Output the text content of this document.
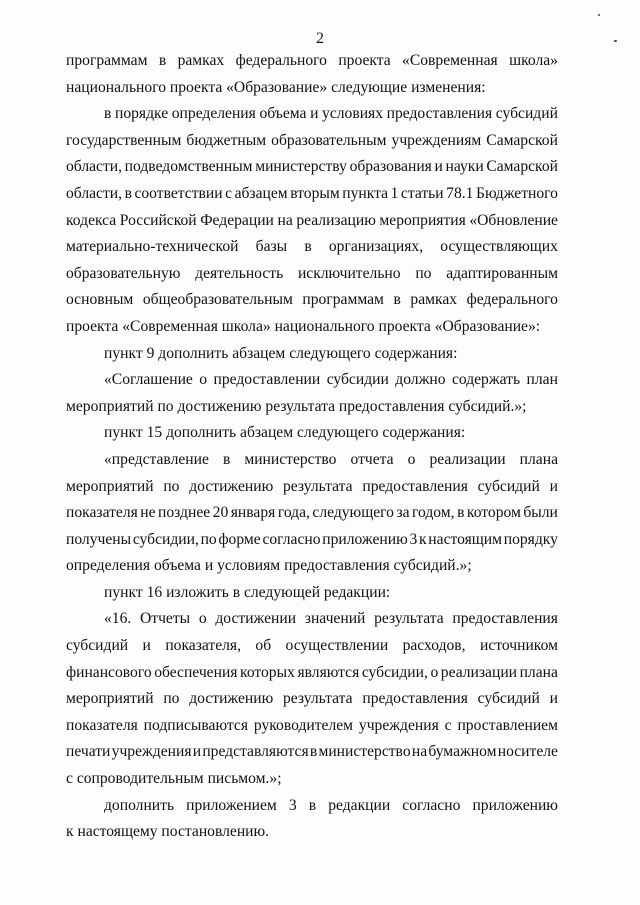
2
программам в рамках федерального проекта «Современная школа»
национального проекта «Образование» следующие изменения:
в порядке определения объема и условиях предоставления субсидий
государственным бюджетным образовательным учреждениям Самарской
области, подведомственным министерству образования и науки Самарской
области, в соответствии с абзацем вторым пункта 1 статьи 78.1 Бюджетного
кодекса Российской Федерации на реализацию мероприятия «Обновление
материально-технической базы в организациях, осуществляющих
образовательную деятельность исключительно по адаптированным
основным общеобразовательным программам в рамках федерального
проекта «Современная школа» национального проекта «Образование»:
пункт 9 дополнить абзацем следующего содержания:
«Соглашение о предоставлении субсидии должно содержать план
мероприятий по достижению результата предоставления субсидий.»;
пункт 15 дополнить абзацем следующего содержания:
«представление в министерство отчета о реализации плана
мероприятий по достижению результата предоставления субсидий и
показателя не позднее 20 января года, следующего за годом, в котором были
получены субсидии, по форме согласно приложению 3 к настоящим порядку
определения объема и условиям предоставления субсидий.»;
пункт 16 изложить в следующей редакции:
«16. Отчеты о достижении значений результата предоставления
субсидий и показателя, об осуществлении расходов, источником
финансового обеспечения которых являются субсидии, о реализации плана
мероприятий по достижению результата предоставления субсидий и
показателя подписываются руководителем учреждения с проставлением
печати учреждения и представляются в министерство на бумажном носителе
с сопроводительным письмом.»;
дополнить приложением 3 в редакции согласно приложению
к настоящему постановлению.
